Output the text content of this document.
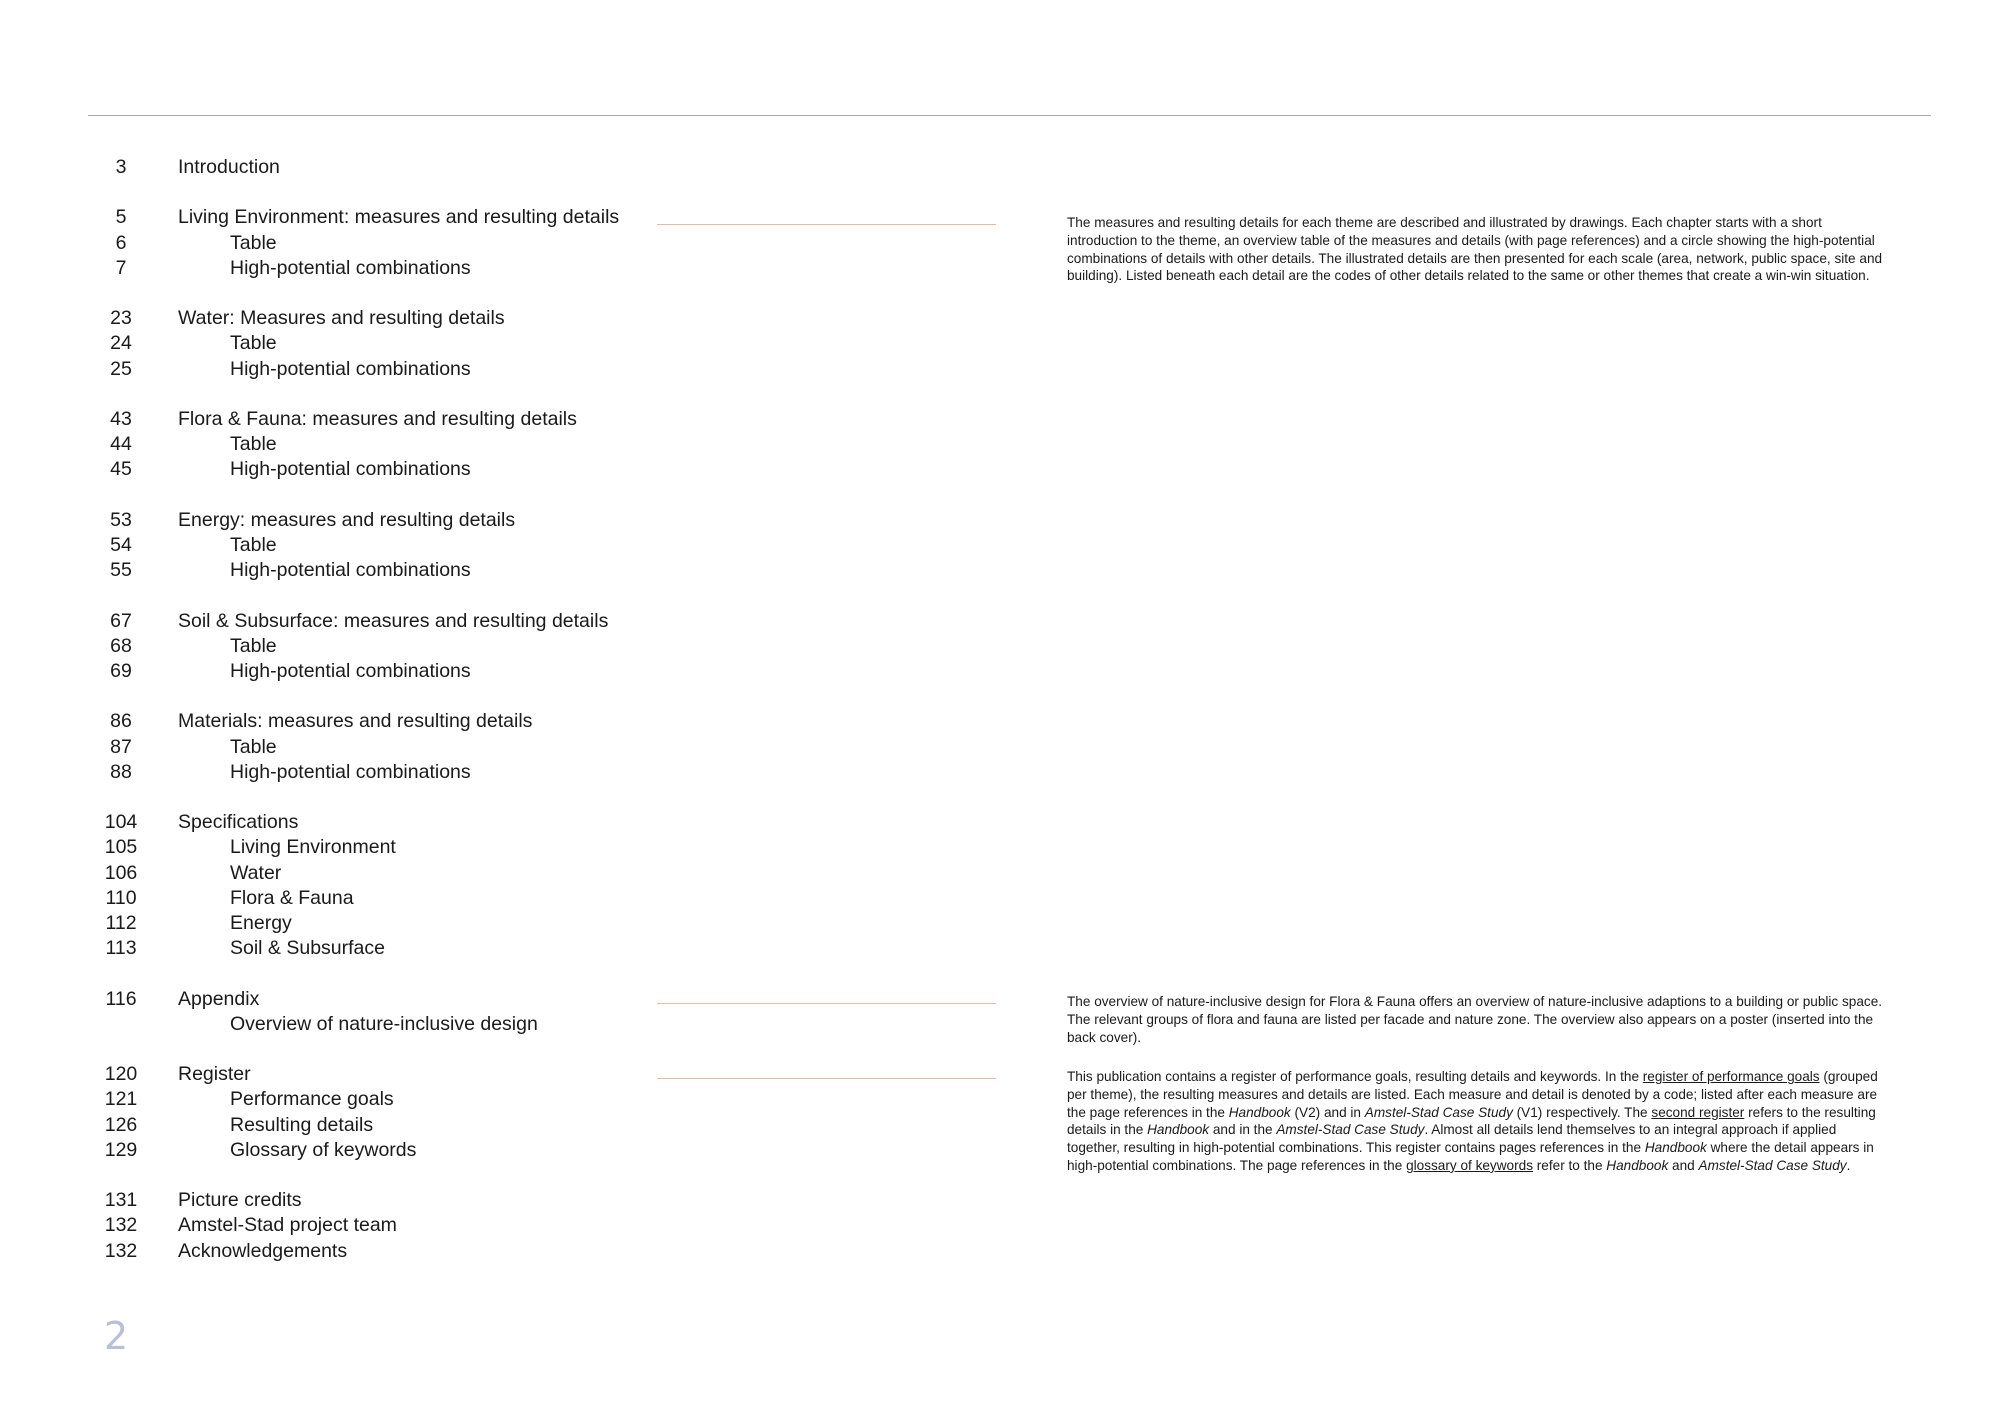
3	Introduction
5	Living Environment: measures and resulting details
6	Table
7	High-potential combinations
23	Water: Measures and resulting details
24	Table
25	High-potential combinations
43	Flora & Fauna: measures and resulting details
44	Table
45	High-potential combinations
53	Energy: measures and resulting details
54	Table
55	High-potential combinations
67	Soil & Subsurface: measures and resulting details
68	Table
69	High-potential combinations
86	Materials: measures and resulting details
87	Table
88	High-potential combinations
104 Specifications
105	Living Environment
106	Water
110	Flora & Fauna
112	Energy
113	Soil & Subsurface
116 Appendix
Overview of nature-inclusive design
120 Register
121	Performance goals
126	Resulting details
129	Glossary of keywords
131 Picture credits
132 Amstel-Stad project team
132 Acknowledgements

The measures and resulting details for each theme are described and illustrated by drawings. Each chapter starts with a short introduction to the theme, an overview table of the measures and details (with page references) and a circle showing the high-potential combinations of details with other details. The illustrated details are then presented for each scale (area, network, public space, site and building). Listed beneath each detail are the codes of other details related to the same or other themes that create a win-win situation.

The overview of nature-inclusive design for Flora & Fauna offers an overview of nature-inclusive adaptions to a building or public space. The relevant groups of flora and fauna are listed per facade and nature zone. The overview also appears on a poster (inserted into the back cover).

This publication contains a register of performance goals, resulting details and keywords. In the register of performance goals (grouped per theme), the resulting measures and details are listed. Each measure and detail is denoted by a code; listed after each measure are the page references in the Handbook (V2) and in Amstel-Stad Case Study (V1) respectively. The second register refers to the resulting details in the Handbook and in the Amstel-Stad Case Study. Almost all details lend themselves to an integral approach if applied together, resulting in high-potential combinations. This register contains pages references in the Handbook where the detail appears in high-potential combinations. The page references in the glossary of keywords refer to the Handbook and Amstel-Stad Case Study.

2
